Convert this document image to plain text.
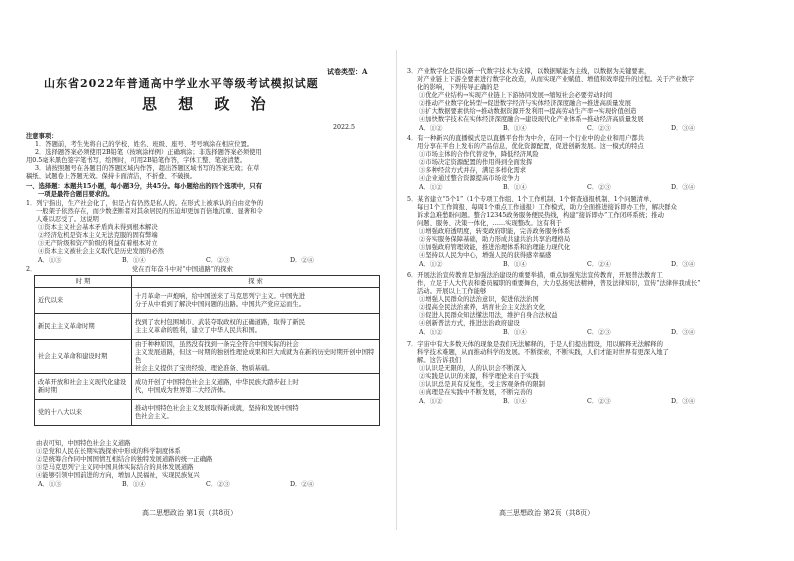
试卷类型：A
山东省2022年普通高中学业水平等级考试模拟试题
思 想 政 治
2022.5
注意事项：
1．答题前，考生先将自己的学校、姓名、班级、座号、考号填涂在相应位置。
2．选择题答案必须使用2B铅笔（按填涂样例）正确填涂；非选择题答案必须使用
用0.5毫米黑色签字笔书写，绘图时，可用2B铅笔作答，字体工整、笔迹清楚。
3．请按照题号在各题目的答题区域内作答，超出答题区域书写的答案无效；在草
稿纸、试题卷上答题无效。保持卡面清洁，不折叠、不破损。
一、选择题：本题共15小题，每小题3分，共45分。每小题给出的四个选项中，只有
一项是最符合题目要求的。
1．列宁指出，生产社会化了，但是占有仍然是私人的。在形式上被承认的自由竞争的
一般架子依然存在，而少数垄断者对其余居民的压迫却更加百倍地沉重、显著和令
人难以忍受了。这说明
①资本主义社会基本矛盾尚未得到根本解决
②经济危机是资本主义无法克服的固有弊端
③无产阶级和资产阶级的利益有着根本对立
④资本主义被社会主义取代是历史发展的必然
A．①③	B．①④	C．②③	D．②④
2．	党在百年奋斗中对“中国道路”的探索
时 期	探 索
近代以来	十月革命一声炮响，给中国送来了马克思列宁主义。中国先进
分子从中看到了解决中国问题的出路。中国共产党应运而生。

新民主主义革命时期	找到了农村包围城市、武装夺取政权的正确道路，取得了新民
主主义革命的胜利，建立了中华人民共和国。

社会主义革命和建设时期	由于种种原因，虽然没有找到一条完全符合中国实际的社会
主义发展道路，但这一时期的独创性理论成果和巨大成就为在新的历史时期开创中国特色
社会主义提供了宝贵经验、理论准备、物质基础。

改革开放和社会主义现代化建设新时期	成功开创了中国特色社会主义道路，中华民族大踏步赶上时
代，中国成为世界第二大经济体。

党的十八大以来	推动中国特色社会主义发展取得新成就，坚持和发展中国特
色社会主义。
由表可知，中国特色社会主义道路
①是党和人民在长期实践探索中形成的科学制度体系
②是统筹合作同中国国情互相结合的独特发展道路的统一正确路
③是马克思列宁主义同中国具体实际结合的具体发展道路
④能够引领中国前进的方向，增加人民福祉，实现民族复兴
A．①③	B．①④	C．②③	D．②④
高二思想政治 第1页（共8页）
3．产业数字化是指以新一代数字技术为支撑，以数据赋能为主线，以数据为关键要素，
对产业链上下游全要素进行数字化改造，从而实现产业赋值、增值和效率提升的过程。关于产业数字
化的影响，下列传导正确的是
①优化产业结构→实现产业链上下游协同发展→缩短社会必要劳动时间
②推动产业数字化转型→促进数字经济与实体经济深度融合→推进高质量发展
③扩大数据要素供给→推动数据资源开发利用→提高劳动生产率→实现价值创造
④加快数字技术在实体经济深度融合→建设现代化产业体系→推动经济高质量发展
A．①②	B．①④	C．②③	D．③④
4．有一种新兴的直播模式是以直播平台作为中介，在同一个行业中的企业和用户都共
用分享在平台上发布的产品信息，优化资源配置，促进创新发展。这一模式的特点
①市场主体的合作代替竞争，降低经济风险
②市场决定资源配置的作用得到全面发挥
③多种经营方式并存，满足多样化需求
④企业通过整合资源提高市场竞争力
A．①②	B．①④	C．②③	D．③④
5．某省建立“5个1”（1个专项工作组、1个工作机制、1个督查通报机制、1个问题清单、
每日1个工作简报、每周1个重点工作通报）工作模式，助力全面推进接诉即办工作，解决群众
诉求急难愁盼问题。整合12345政务服务便民热线，构建“接诉即办”工作闭环系统；推动
问题、服务、决策一体化，……实现整改。这有利于
①增强政府透明度，转变政府职能，完善政务服务体系
②夯实服务保障基础，助力形成共建共治共享治理格局
③加强政府管理效能，推进治理体系和治理能力现代化
④坚持以人民为中心，增强人民的获得感幸福感
A．①②	B．①④	C．②④	D．③④
6．开展法治宣传教育是加强法治建设的重要举措，重点加强宪法宣传教育，开展普法教育工
作，立足于人大代表和委员履职的重要舞台，大力弘扬宪法精神，普及法律知识，宣传“法律伴我成长”
活动。开展以上工作能够
①增强人民群众的法治意识，促进依法治国
②提高全民法治素养，培育社会主义法治文化
③促进人民群众知法懂法用法，维护自身合法权益
④创新普法方式，推进法治政府建设
A．①②	B．①④	C．②③	D．③④
7．宇宙中有大多数天体的现象是我们无法解释的，于是人们提出假设，用以解释无法解释的
科学技术难题，从而推动科学的发展。不断探索，不断实践，人们才能对世界有更深入地了
解。这告诉我们
①认识是无限的，人的认识会不断深入
②实践是认识的来源，科学理论来自于实践
③认识总是具有反复性，受主客观条件的限制
④真理是在实践中不断发展，不断完善的
A．①②	B．①④	C．②③	D．③④
高三思想政治 第2页（共8页）
